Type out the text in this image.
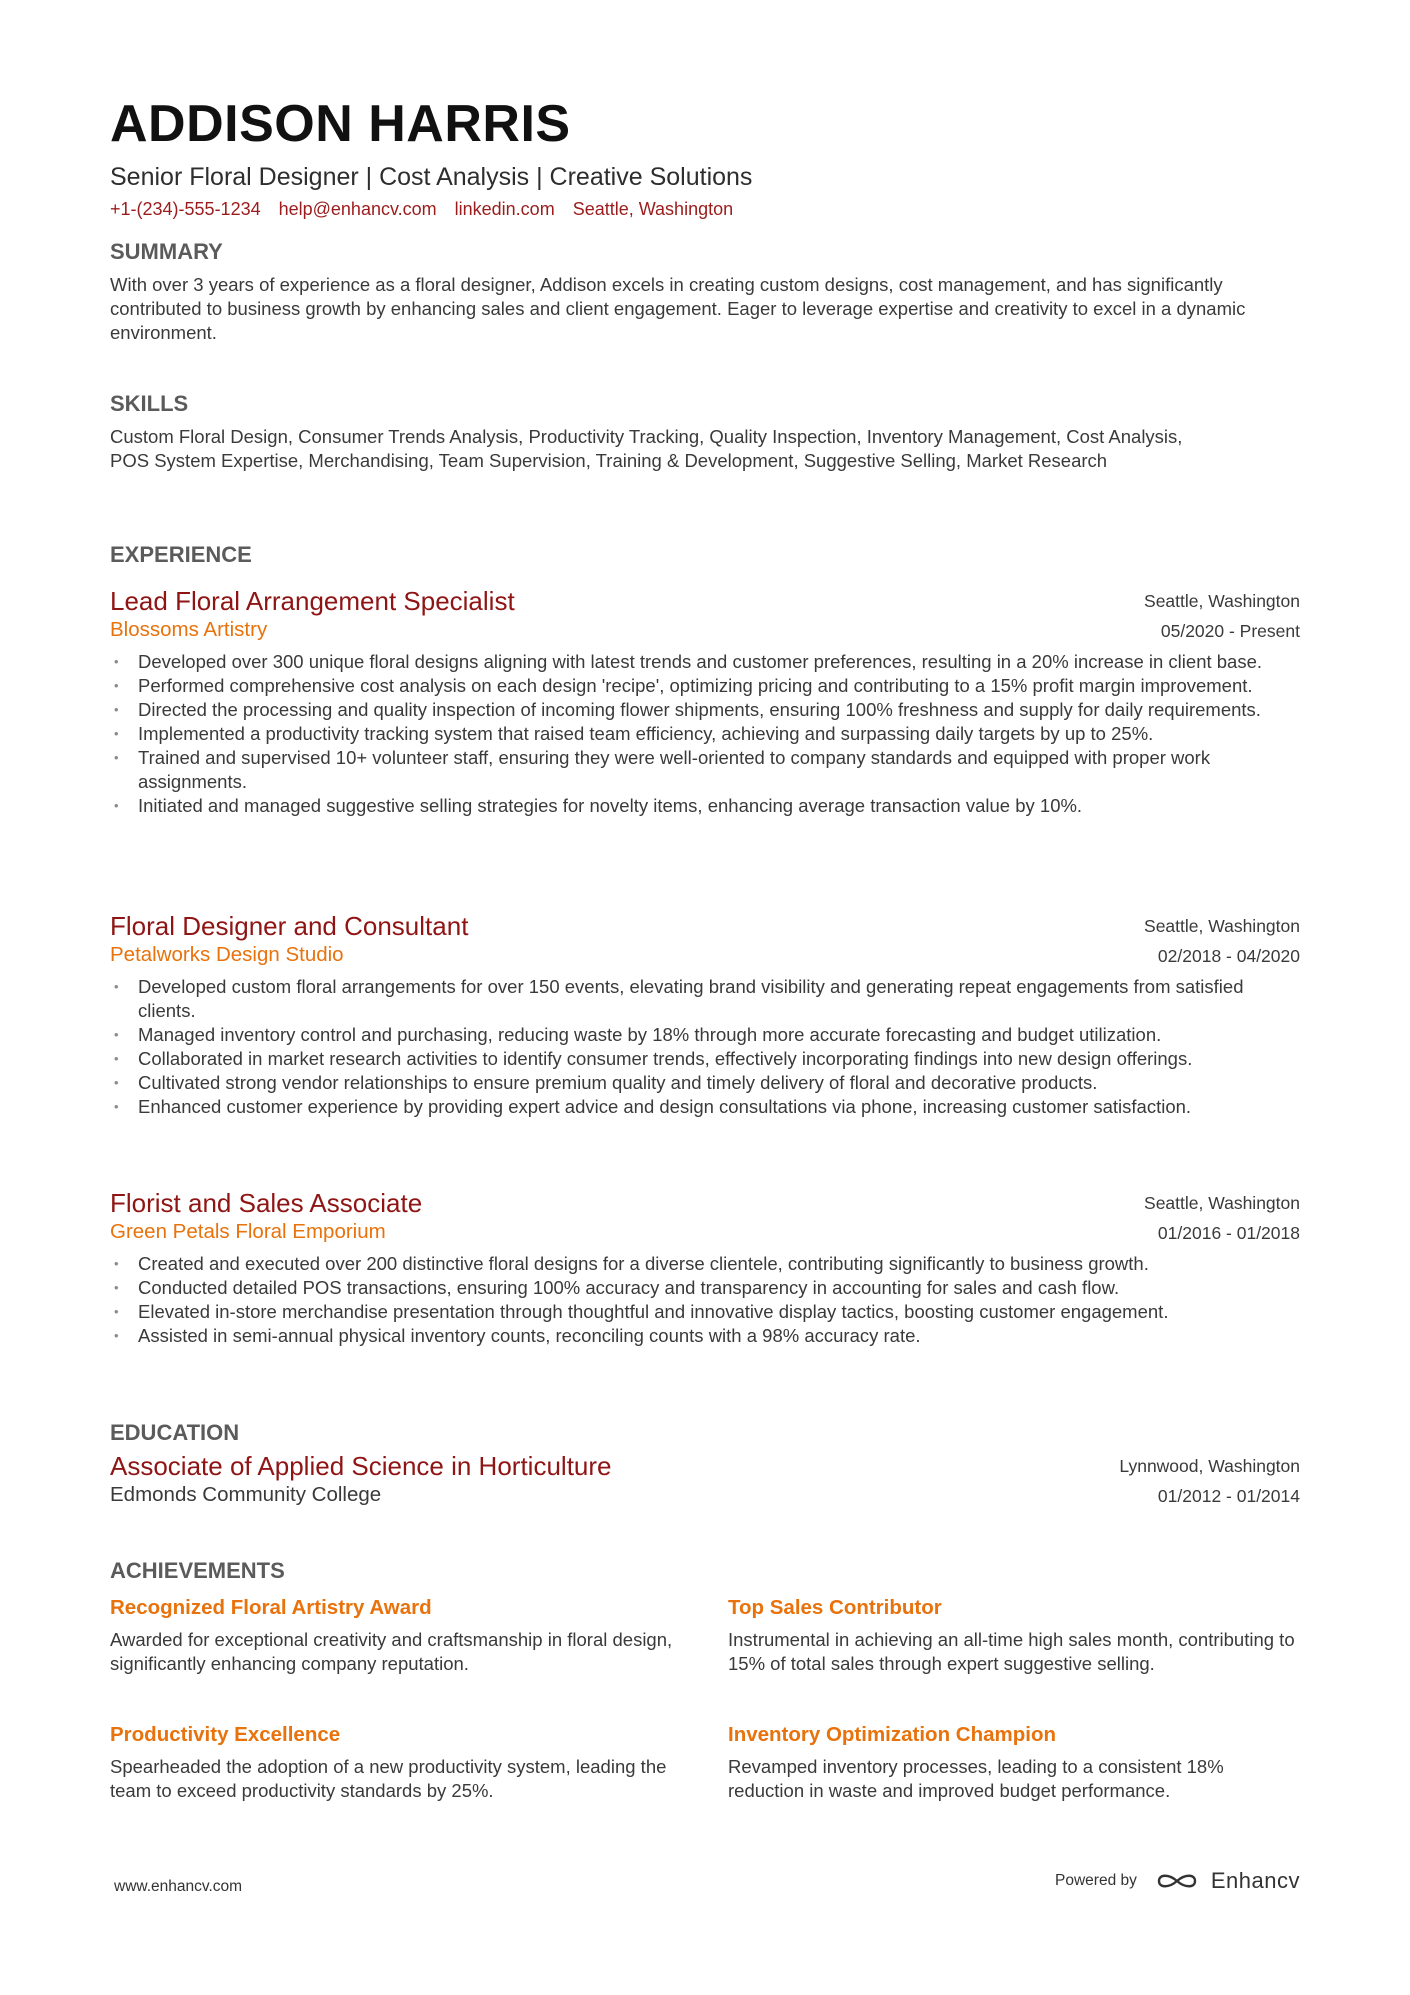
ADDISON HARRIS
Senior Floral Designer | Cost Analysis | Creative Solutions
+1-(234)-555-1234 help@enhancv.com linkedin.com Seattle, Washington
SUMMARY
With over 3 years of experience as a floral designer, Addison excels in creating custom designs, cost management, and has significantly contributed to business growth by enhancing sales and client engagement. Eager to leverage expertise and creativity to excel in a dynamic environment.
SKILLS
Custom Floral Design, Consumer Trends Analysis, Productivity Tracking, Quality Inspection, Inventory Management, Cost Analysis, POS System Expertise, Merchandising, Team Supervision, Training & Development, Suggestive Selling, Market Research
EXPERIENCE
Lead Floral Arrangement Specialist
Blossoms Artistry
Seattle, Washington
05/2020 - Present
• Developed over 300 unique floral designs aligning with latest trends and customer preferences, resulting in a 20% increase in client base.
• Performed comprehensive cost analysis on each design 'recipe', optimizing pricing and contributing to a 15% profit margin improvement.
• Directed the processing and quality inspection of incoming flower shipments, ensuring 100% freshness and supply for daily requirements.
• Implemented a productivity tracking system that raised team efficiency, achieving and surpassing daily targets by up to 25%.
• Trained and supervised 10+ volunteer staff, ensuring they were well-oriented to company standards and equipped with proper work assignments.
• Initiated and managed suggestive selling strategies for novelty items, enhancing average transaction value by 10%.
Floral Designer and Consultant
Petalworks Design Studio
Seattle, Washington
02/2018 - 04/2020
• Developed custom floral arrangements for over 150 events, elevating brand visibility and generating repeat engagements from satisfied clients.
• Managed inventory control and purchasing, reducing waste by 18% through more accurate forecasting and budget utilization.
• Collaborated in market research activities to identify consumer trends, effectively incorporating findings into new design offerings.
• Cultivated strong vendor relationships to ensure premium quality and timely delivery of floral and decorative products.
• Enhanced customer experience by providing expert advice and design consultations via phone, increasing customer satisfaction.
Florist and Sales Associate
Green Petals Floral Emporium
Seattle, Washington
01/2016 - 01/2018
• Created and executed over 200 distinctive floral designs for a diverse clientele, contributing significantly to business growth.
• Conducted detailed POS transactions, ensuring 100% accuracy and transparency in accounting for sales and cash flow.
• Elevated in-store merchandise presentation through thoughtful and innovative display tactics, boosting customer engagement.
• Assisted in semi-annual physical inventory counts, reconciling counts with a 98% accuracy rate.
EDUCATION
Associate of Applied Science in Horticulture
Edmonds Community College
Lynnwood, Washington
01/2012 - 01/2014
ACHIEVEMENTS
Recognized Floral Artistry Award
Awarded for exceptional creativity and craftsmanship in floral design, significantly enhancing company reputation.
Top Sales Contributor
Instrumental in achieving an all-time high sales month, contributing to 15% of total sales through expert suggestive selling.
Productivity Excellence
Spearheaded the adoption of a new productivity system, leading the team to exceed productivity standards by 25%.
Inventory Optimization Champion
Revamped inventory processes, leading to a consistent 18% reduction in waste and improved budget performance.
www.enhancv.com	Powered by	Enhancv
